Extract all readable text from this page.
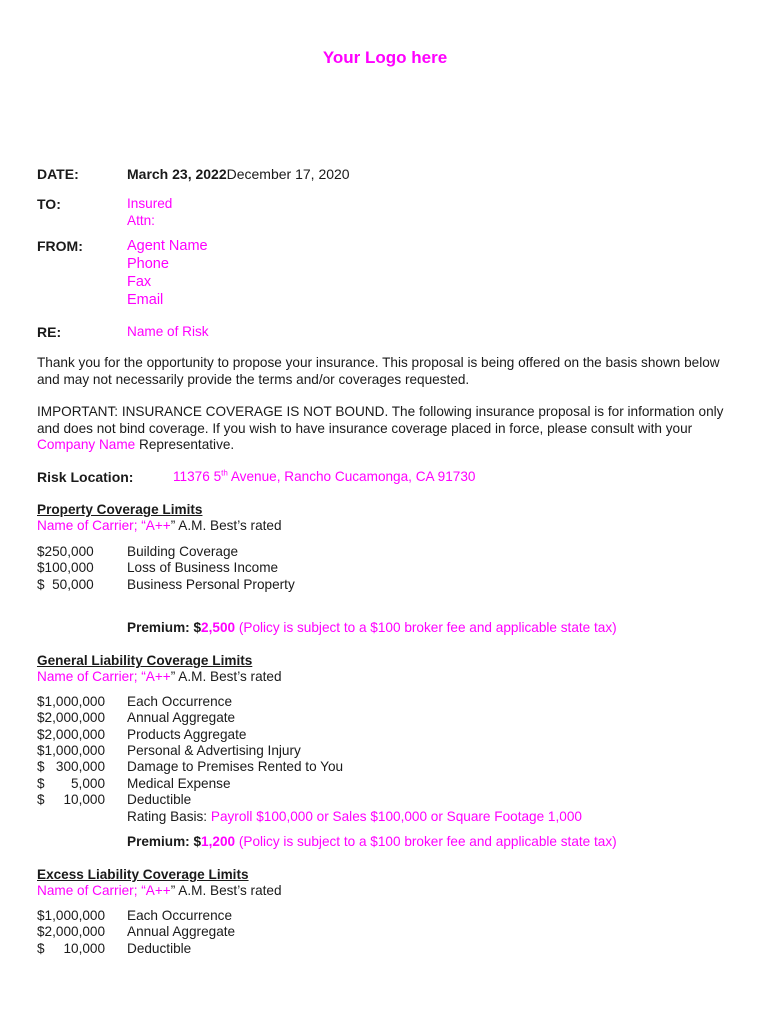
Your Logo here
DATE:	March 23, 2022December 17, 2020
TO:	Insured
Attn:
FROM:	Agent Name
Phone
Fax
Email
RE:	Name of Risk
Thank you for the opportunity to propose your insurance. This proposal is being offered on the basis shown below and may not necessarily provide the terms and/or coverages requested.
IMPORTANT: INSURANCE COVERAGE IS NOT BOUND. The following insurance proposal is for information only and does not bind coverage. If you wish to have insurance coverage placed in force, please consult with your Company Name Representative.
Risk Location:	11376 5th Avenue, Rancho Cucamonga, CA 91730
Property Coverage Limits
Name of Carrier; “A++” A.M. Best’s rated
$250,000 Building Coverage
$100,000 Loss of Business Income
$  50,000 Business Personal Property
Premium: $2,500 (Policy is subject to a $100 broker fee and applicable state tax)
General Liability Coverage Limits
Name of Carrier; “A++” A.M. Best’s rated
$1,000,000 Each Occurrence
$2,000,000 Annual Aggregate
$2,000,000 Products Aggregate
$1,000,000 Personal & Advertising Injury
$   300,000 Damage to Premises Rented to You
$       5,000 Medical Expense
$     10,000 Deductible
Rating Basis: Payroll $100,000 or Sales $100,000 or Square Footage 1,000
Premium: $1,200 (Policy is subject to a $100 broker fee and applicable state tax)
Excess Liability Coverage Limits
Name of Carrier; “A++” A.M. Best’s rated
$1,000,000 Each Occurrence
$2,000,000 Annual Aggregate
$     10,000 Deductible
